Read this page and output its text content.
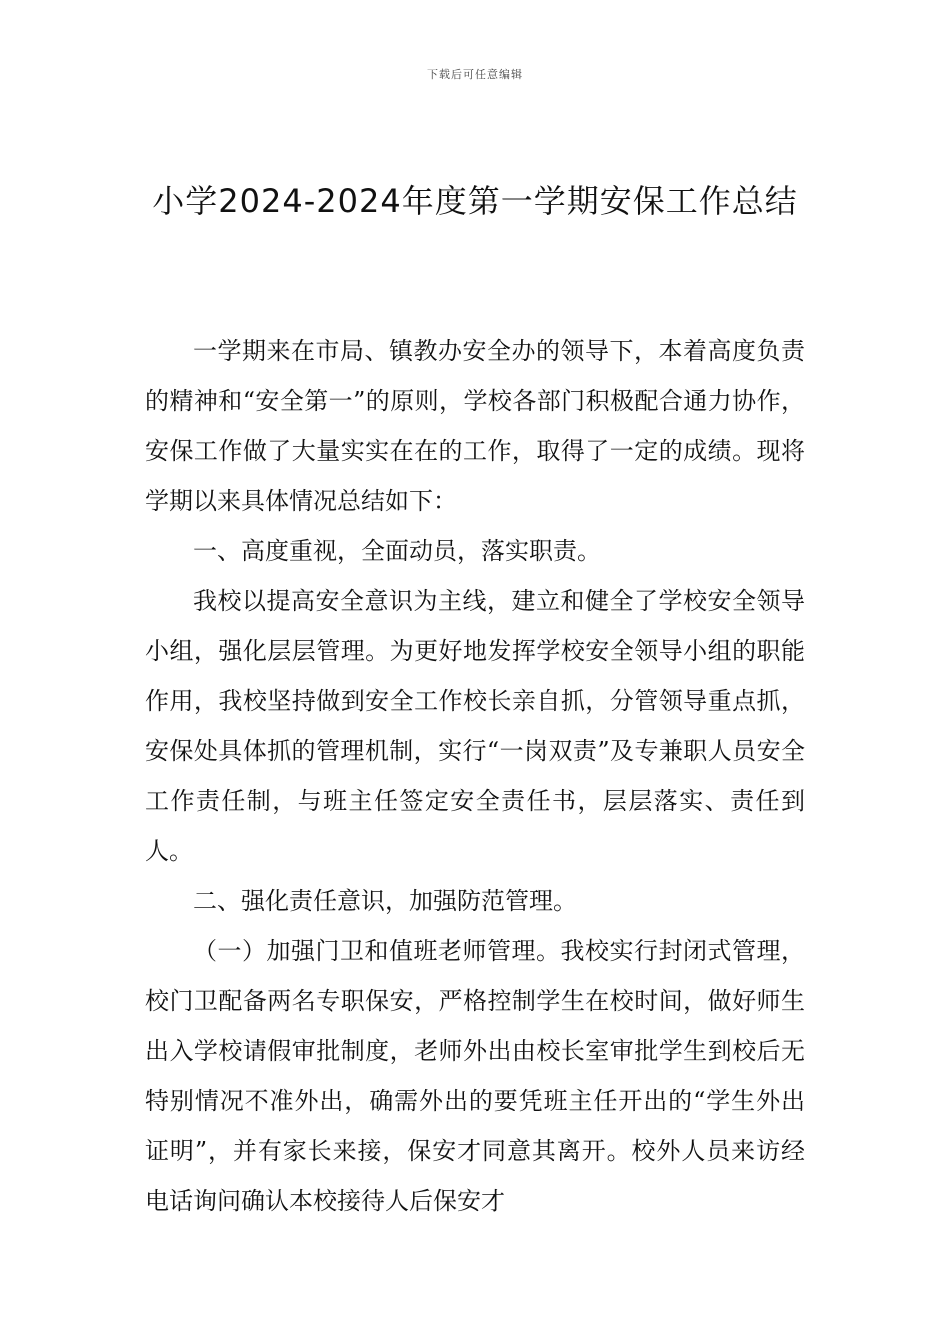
下载后可任意编辑
小学2024-2024年度第一学期安保工作总结

一学期来在市局、镇教办安全办的领导下，本着高度负责的精神和“安全第一”的原则，学校各部门积极配合通力协作，安保工作做了大量实实在在的工作，取得了一定的成绩。现将学期以来具体情况总结如下：

一、高度重视，全面动员，落实职责。

我校以提高安全意识为主线，建立和健全了学校安全领导小组，强化层层管理。为更好地发挥学校安全领导小组的职能作用，我校坚持做到安全工作校长亲自抓，分管领导重点抓，安保处具体抓的管理机制，实行“一岗双责”及专兼职人员安全工作责任制，与班主任签定安全责任书，层层落实、责任到人。

二、强化责任意识，加强防范管理。

（一）加强门卫和值班老师管理。我校实行封闭式管理，校门卫配备两名专职保安，严格控制学生在校时间，做好师生出入学校请假审批制度，老师外出由校长室审批学生到校后无特别情况不准外出，确需外出的要凭班主任开出的“学生外出证明”，并有家长来接，保安才同意其离开。校外人员来访经电话询问确认本校接待人后保安才
